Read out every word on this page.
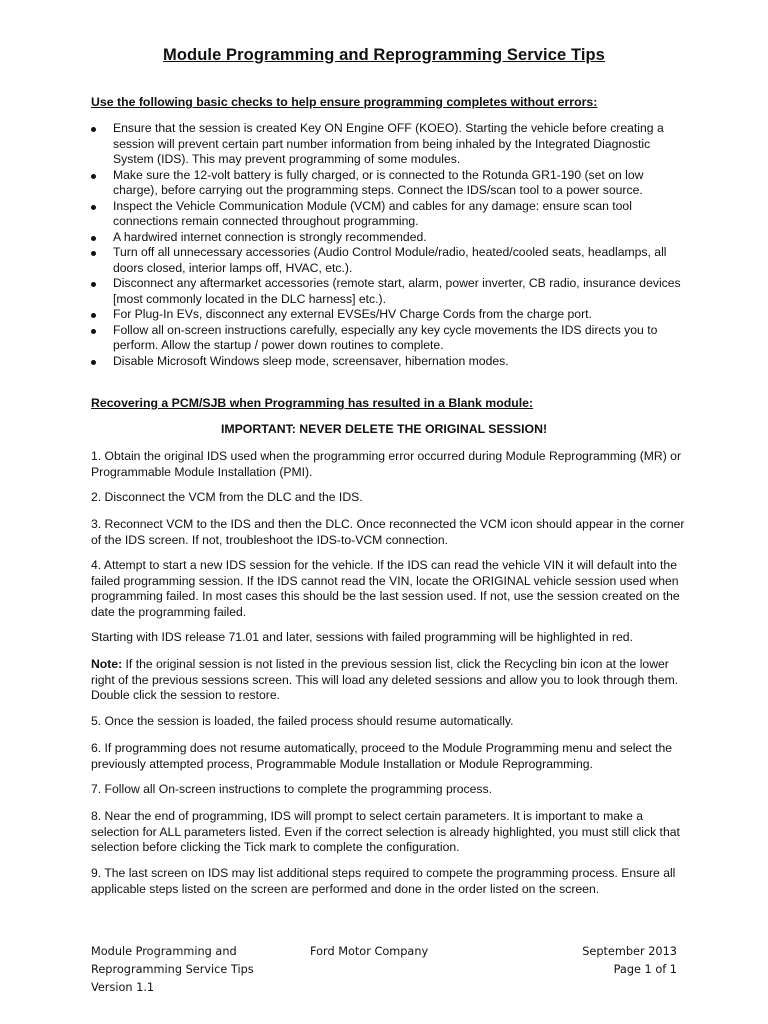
Module Programming and Reprogramming Service Tips
Use the following basic checks to help ensure programming completes without errors:
Ensure that the session is created Key ON Engine OFF (KOEO). Starting the vehicle before creating a session will prevent certain part number information from being inhaled by the Integrated Diagnostic System (IDS). This may prevent programming of some modules.
Make sure the 12-volt battery is fully charged, or is connected to the Rotunda GR1-190 (set on low charge), before carrying out the programming steps. Connect the IDS/scan tool to a power source.
Inspect the Vehicle Communication Module (VCM) and cables for any damage: ensure scan tool connections remain connected throughout programming.
A hardwired internet connection is strongly recommended.
Turn off all unnecessary accessories (Audio Control Module/radio, heated/cooled seats, headlamps, all doors closed, interior lamps off, HVAC, etc.).
Disconnect any aftermarket accessories (remote start, alarm, power inverter, CB radio, insurance devices [most commonly located in the DLC harness] etc.).
For Plug-In EVs, disconnect any external EVSEs/HV Charge Cords from the charge port.
Follow all on-screen instructions carefully, especially any key cycle movements the IDS directs you to perform. Allow the startup / power down routines to complete.
Disable Microsoft Windows sleep mode, screensaver, hibernation modes.
Recovering a PCM/SJB when Programming has resulted in a Blank module:
IMPORTANT: NEVER DELETE THE ORIGINAL SESSION!

1. Obtain the original IDS used when the programming error occurred during Module Reprogramming (MR) or Programmable Module Installation (PMI).

2. Disconnect the VCM from the DLC and the IDS.

3. Reconnect VCM to the IDS and then the DLC. Once reconnected the VCM icon should appear in the corner of the IDS screen. If not, troubleshoot the IDS-to-VCM connection.

4. Attempt to start a new IDS session for the vehicle. If the IDS can read the vehicle VIN it will default into the failed programming session. If the IDS cannot read the VIN, locate the ORIGINAL vehicle session used when programming failed. In most cases this should be the last session used. If not, use the session created on the date the programming failed.

Starting with IDS release 71.01 and later, sessions with failed programming will be highlighted in red.

Note: If the original session is not listed in the previous session list, click the Recycling bin icon at the lower right of the previous sessions screen. This will load any deleted sessions and allow you to look through them. Double click the session to restore.

5. Once the session is loaded, the failed process should resume automatically.

6. If programming does not resume automatically, proceed to the Module Programming menu and select the previously attempted process, Programmable Module Installation or Module Reprogramming.

7. Follow all On-screen instructions to complete the programming process.

8. Near the end of programming, IDS will prompt to select certain parameters. It is important to make a selection for ALL parameters listed. Even if the correct selection is already highlighted, you must still click that selection before clicking the Tick mark to complete the configuration.

9. The last screen on IDS may list additional steps required to compete the programming process. Ensure all applicable steps listed on the screen are performed and done in the order listed on the screen.

Module Programming and
Reprogramming Service Tips
Version 1.1
Ford Motor Company	September 2013
Page 1 of 1
